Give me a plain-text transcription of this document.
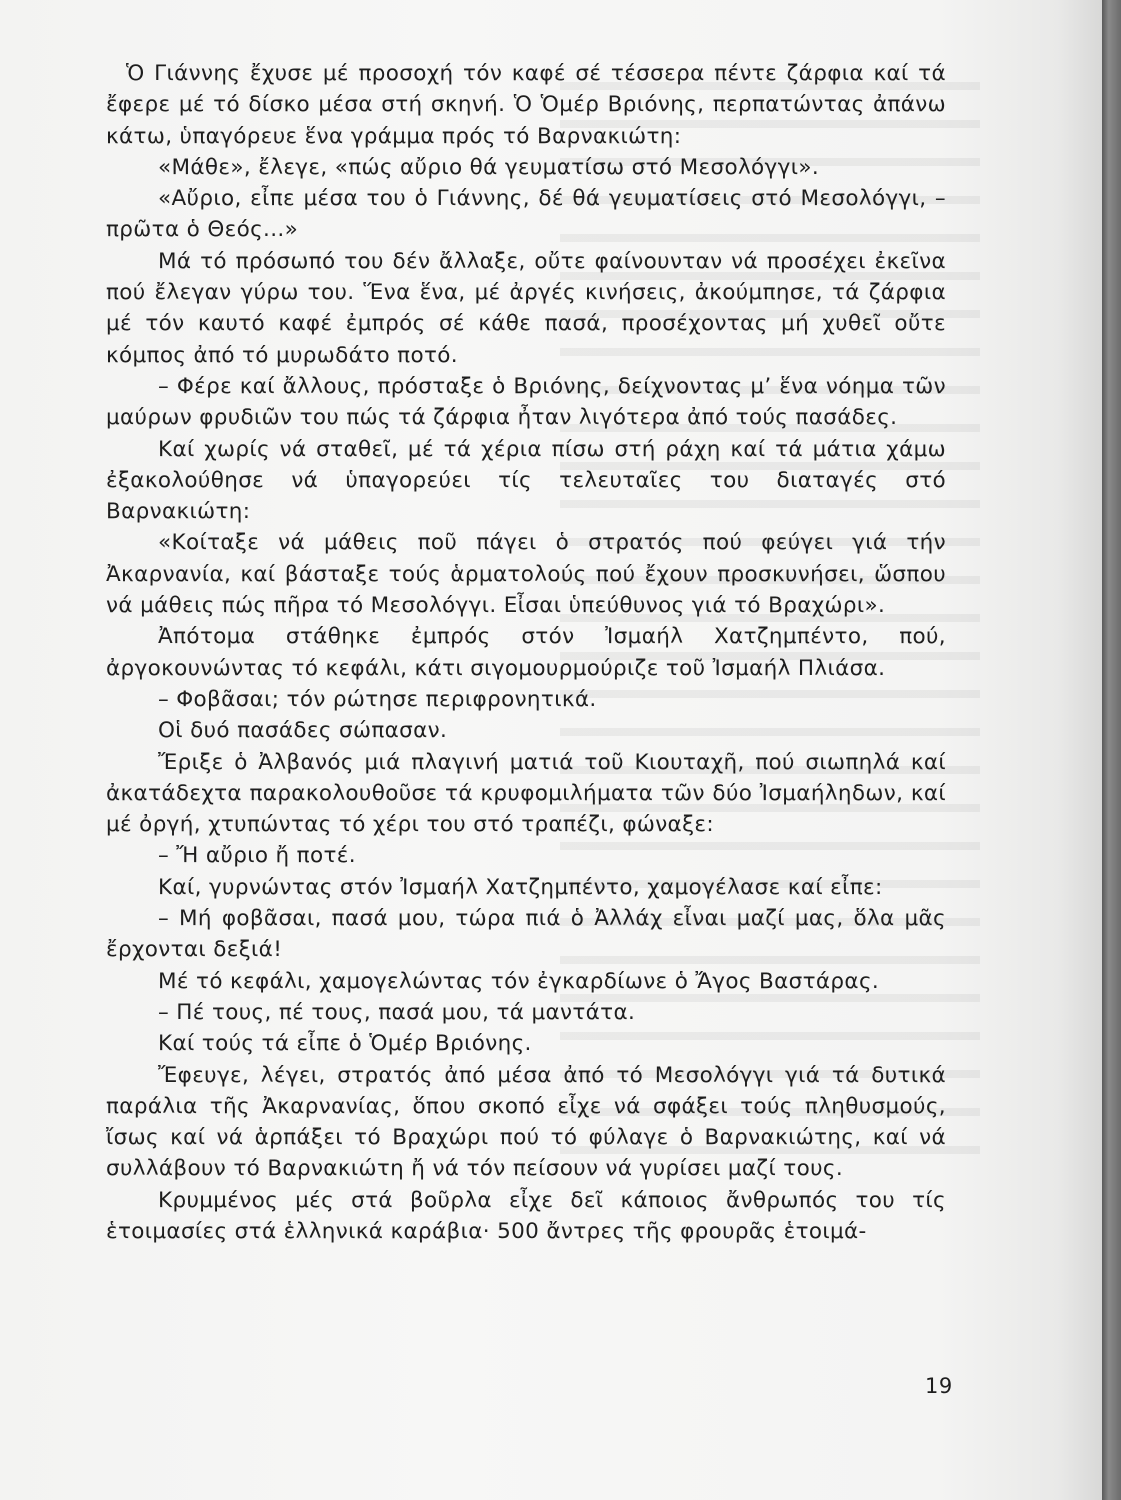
Ὁ Γιάννης ἔχυσε μέ προσοχή τόν καφέ σέ τέσσερα πέντε ζάρφια καί τά ἔφερε μέ τό δίσκο μέσα στή σκηνή. Ὁ Ὁμέρ Βριόνης, περπατώντας ἀπάνω κάτω, ὑπαγόρευε ἕνα γράμμα πρός τό Βαρνακιώτη:

«Μάθε», ἔλεγε, «πώς αὔριο θά γευματίσω στό Μεσολόγγι».

«Αὔριο, εἶπε μέσα του ὁ Γιάννης, δέ θά γευματίσεις στό Μεσολόγγι, – πρῶτα ὁ Θεός...»

Μά τό πρόσωπό του δέν ἄλλαξε, οὔτε φαίνουνταν νά προσέχει ἐκεῖνα πού ἔλεγαν γύρω του. Ἕνα ἕνα, μέ ἀργές κινήσεις, ἀκούμπησε, τά ζάρφια μέ τόν καυτό καφέ ἐμπρός σέ κάθε πασά, προσέχοντας μή χυθεῖ οὔτε κόμπος ἀπό τό μυρωδάτο ποτό.

– Φέρε καί ἄλλους, πρόσταξε ὁ Βριόνης, δείχνοντας μ’ ἕνα νόημα τῶν μαύρων φρυδιῶν του πώς τά ζάρφια ἦταν λιγότερα ἀπό τούς πασάδες.

Καί χωρίς νά σταθεῖ, μέ τά χέρια πίσω στή ράχη καί τά μάτια χάμω ἐξακολούθησε νά ὑπαγορεύει τίς τελευταῖες του διαταγές στό Βαρνακιώτη:

«Κοίταξε νά μάθεις ποῦ πάγει ὁ στρατός πού φεύγει γιά τήν Ἀκαρνανία, καί βάσταξε τούς ἁρματολούς πού ἔχουν προσκυνήσει, ὥσπου νά μάθεις πώς πῆρα τό Μεσολόγγι. Εἶσαι ὑπεύθυνος γιά τό Βραχώρι».

Ἀπότομα στάθηκε ἐμπρός στόν Ἰσμαήλ Χατζημπέντο, πού, ἀργοκουνώντας τό κεφάλι, κάτι σιγομουρμούριζε τοῦ Ἰσμαήλ Πλιάσα.

– Φοβᾶσαι; τόν ρώτησε περιφρονητικά.

Οἱ δυό πασάδες σώπασαν.

Ἔριξε ὁ Ἀλβανός μιά πλαγινή ματιά τοῦ Κιουταχῆ, πού σιωπηλά καί ἀκατάδεχτα παρακολουθοῦσε τά κρυφομιλήματα τῶν δύο Ἰσμαήληδων, καί μέ ὀργή, χτυπώντας τό χέρι του στό τραπέζι, φώναξε:

– Ἤ αὔριο ἤ ποτέ.

Καί, γυρνώντας στόν Ἰσμαήλ Χατζημπέντο, χαμογέλασε καί εἶπε:

– Μή φοβᾶσαι, πασά μου, τώρα πιά ὁ Ἀλλάχ εἶναι μαζί μας, ὅλα μᾶς ἔρχονται δεξιά!

Μέ τό κεφάλι, χαμογελώντας τόν ἐγκαρδίωνε ὁ Ἄγος Βαστάρας.

– Πέ τους, πέ τους, πασά μου, τά μαντάτα.

Καί τούς τά εἶπε ὁ Ὁμέρ Βριόνης.

Ἔφευγε, λέγει, στρατός ἀπό μέσα ἀπό τό Μεσολόγγι γιά τά δυτικά παράλια τῆς Ἀκαρνανίας, ὅπου σκοπό εἶχε νά σφάξει τούς πληθυσμούς, ἴσως καί νά ἁρπάξει τό Βραχώρι πού τό φύλαγε ὁ Βαρνακιώτης, καί νά συλλάβουν τό Βαρνακιώτη ἤ νά τόν πείσουν νά γυρίσει μαζί τους.

Κρυμμένος μές στά βοῦρλα εἶχε δεῖ κάποιος ἄνθρωπός του τίς ἑτοιμασίες στά ἑλληνικά καράβια· 500 ἄντρες τῆς φρουρᾶς ἑτοιμά-

19
